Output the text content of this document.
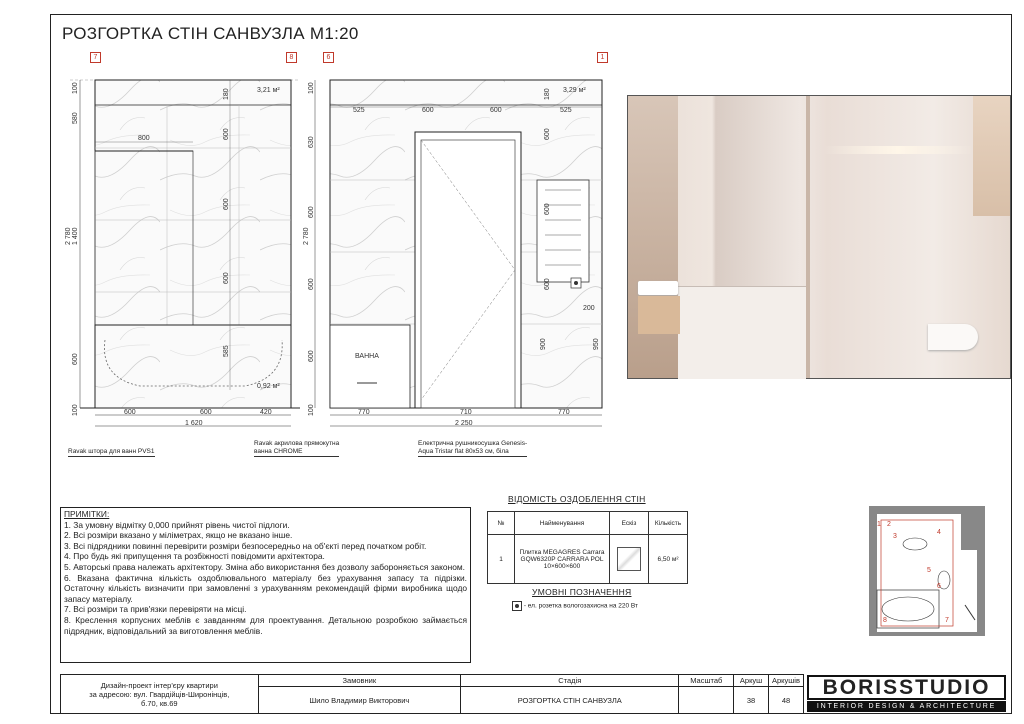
РОЗГОРТКА СТІН САНВУЗЛА М1:20
7	8	6	1
100
580
2 780 1 400
600
100
180
600
600
600
585
800
3,21 м²
0,92 м²
600	600	420
1 620
ВАННА
100
630
600
2 780
600
600
100
525	600	600	525
3,29 м²
180
600
600
600
200
900	950
770	710	770
2 250
Ravak штора для ванн PVS1
Ravak акрилова прямокутна
ванна CHROME
Електрична рушникосушка Genesis-
Aqua Tristar flat 80х53 см, біла
ПРИМІТКИ:

1. За умовну відмітку 0,000 прийнят рівень чистої підлоги.

2. Всі розміри вказано у міліметрах, якщо не вказано інше.

3. Всі підрядники повинні перевірити розміри безпосередньо на об'єкті перед початком робіт.

4. Про будь які припущення та розбіжності повідомити архітектора.

5. Авторські права належать архітектору. Зміна або використання без дозволу забороняється законом.

6. Вказана фактична кількість оздоблювального матеріалу без урахування запасу та підрізки. Остаточну кількість визначити при замовленні з урахуванням рекомендацій фірми виробника щодо запасу матеріалу.

7. Всі розміри та прив'язки перевіряти на місці.

8. Креслення корпусних меблів є завданням для проектування. Детальною розробкою займається підрядник, відповідальний за виготовлення меблів.

ВІДОМІСТЬ ОЗДОБЛЕННЯ СТІН
№	Найменування	Ескіз	Кількість
1	Плитка MEGAGRES Carrara
GQW6320P CARRARA POL
10×600×600		6,50 м²
УМОВНІ ПОЗНАЧЕННЯ
- ел. розетка вологозахисна на 220 Вт
1 2
3
4
5
6
7
8
Дизайн-проект інтер'єру квартири
за адресою: вул. Гвардійців-Широнінців,
б.70, кв.69	Замовник	Стадія	Масштаб	Аркуш	Аркушів
	Шило Владимир Викторович	РОЗГОРТКА СТІН САНВУЗЛА		38	48
BORISSTUDIO
INTERIOR DESIGN & ARCHITECTURE
